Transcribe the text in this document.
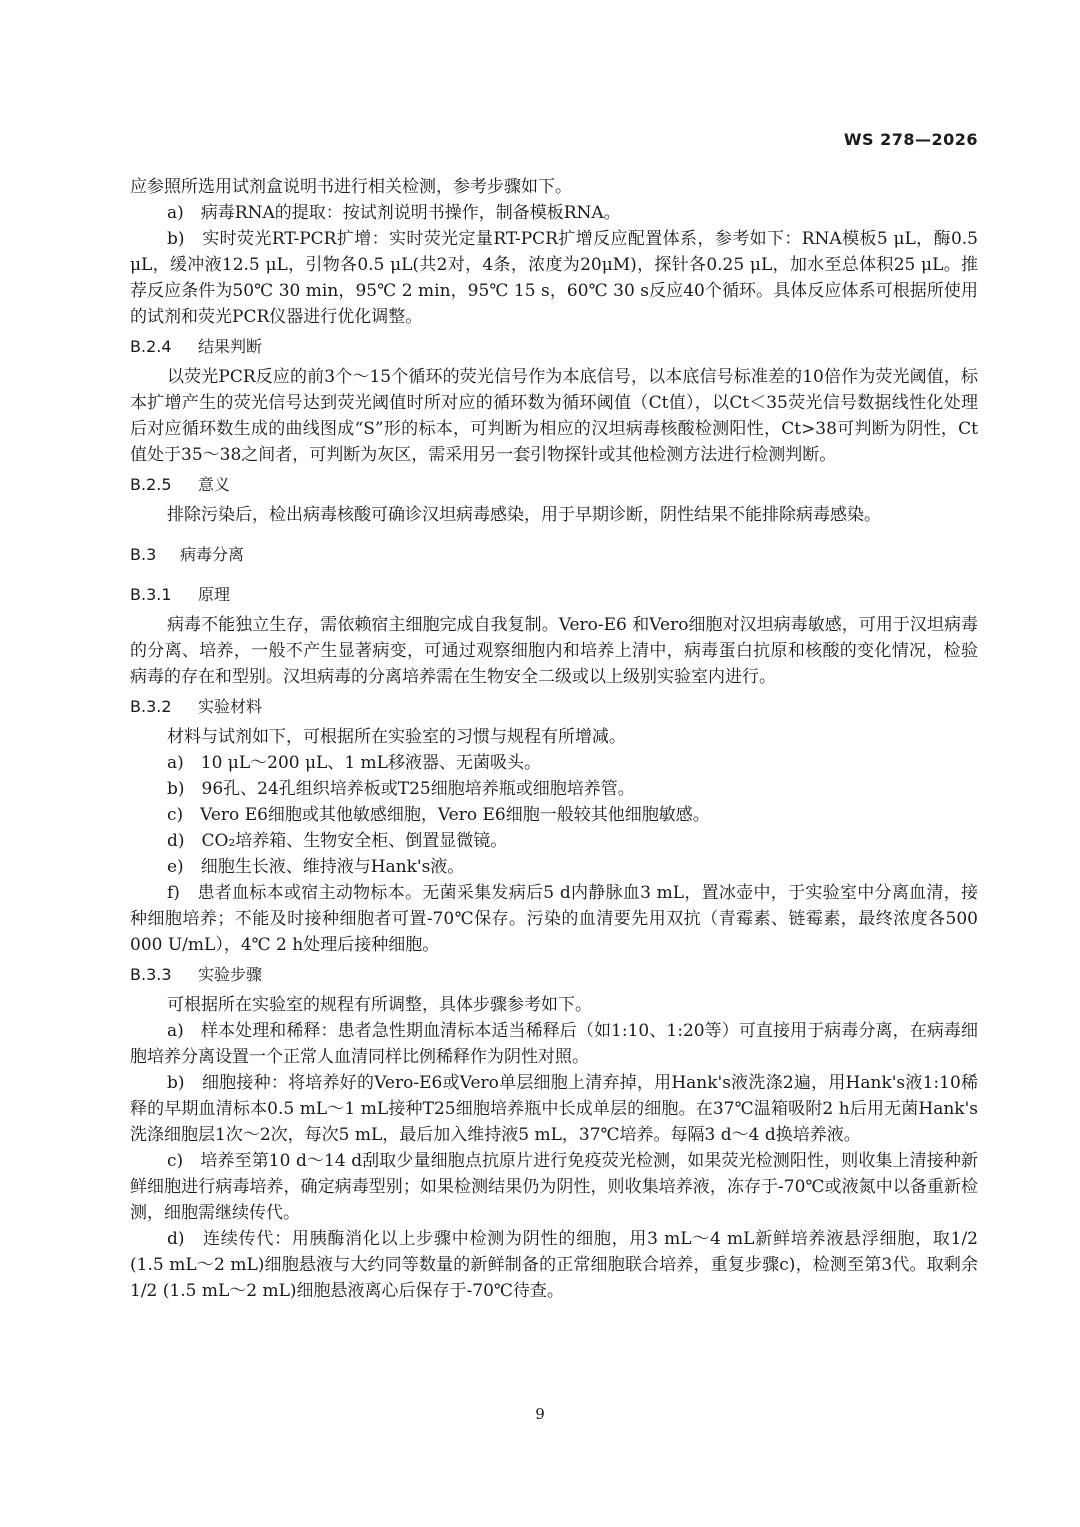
WS 278—2026

应参照所选用试剂盒说明书进行相关检测，参考步骤如下。

a)　病毒RNA的提取：按试剂说明书操作，制备模板RNA。

b)　实时荧光RT-PCR扩增：实时荧光定量RT-PCR扩增反应配置体系，参考如下：RNA模板5 μL，酶0.5 μL，缓冲液12.5 μL，引物各0.5 μL(共2对，4条，浓度为20μM)，探针各0.25 μL，加水至总体积25 μL。推荐反应条件为50℃ 30 min，95℃ 2 min，95℃ 15 s，60℃ 30 s反应40个循环。具体反应体系可根据所使用的试剂和荧光PCR仪器进行优化调整。

B.2.4 结果判断

以荧光PCR反应的前3个～15个循环的荧光信号作为本底信号，以本底信号标准差的10倍作为荧光阈值，标本扩增产生的荧光信号达到荧光阈值时所对应的循环数为循环阈值（Ct值），以Ct＜35荧光信号数据线性化处理后对应循环数生成的曲线图成“S”形的标本，可判断为相应的汉坦病毒核酸检测阳性，Ct>38可判断为阴性，Ct值处于35～38之间者，可判断为灰区，需采用另一套引物探针或其他检测方法进行检测判断。

B.2.5 意义

排除污染后，检出病毒核酸可确诊汉坦病毒感染，用于早期诊断，阴性结果不能排除病毒感染。

B.3 病毒分离
B.3.1 原理

病毒不能独立生存，需依赖宿主细胞完成自我复制。Vero-E6 和Vero细胞对汉坦病毒敏感，可用于汉坦病毒的分离、培养，一般不产生显著病变，可通过观察细胞内和培养上清中，病毒蛋白抗原和核酸的变化情况，检验病毒的存在和型别。汉坦病毒的分离培养需在生物安全二级或以上级别实验室内进行。

B.3.2 实验材料

材料与试剂如下，可根据所在实验室的习惯与规程有所增减。

a)　10 μL～200 μL、1 mL移液器、无菌吸头。

b)　96孔、24孔组织培养板或T25细胞培养瓶或细胞培养管。

c)　Vero E6细胞或其他敏感细胞，Vero E6细胞一般较其他细胞敏感。

d)　CO₂培养箱、生物安全柜、倒置显微镜。

e)　细胞生长液、维持液与Hank's液。

f)　患者血标本或宿主动物标本。无菌采集发病后5 d内静脉血3 mL，置冰壶中，于实验室中分离血清，接种细胞培养；不能及时接种细胞者可置-70℃保存。污染的血清要先用双抗（青霉素、链霉素，最终浓度各500 000 U/mL），4℃ 2 h处理后接种细胞。

B.3.3 实验步骤

可根据所在实验室的规程有所调整，具体步骤参考如下。

a)　样本处理和稀释：患者急性期血清标本适当稀释后（如1:10、1:20等）可直接用于病毒分离，在病毒细胞培养分离设置一个正常人血清同样比例稀释作为阴性对照。

b)　细胞接种：将培养好的Vero-E6或Vero单层细胞上清弃掉，用Hank's液洗涤2遍，用Hank's液1:10稀释的早期血清标本0.5 mL～1 mL接种T25细胞培养瓶中长成单层的细胞。在37℃温箱吸附2 h后用无菌Hank's洗涤细胞层1次～2次，每次5 mL，最后加入维持液5 mL，37℃培养。每隔3 d～4 d换培养液。

c)　培养至第10 d～14 d刮取少量细胞点抗原片进行免疫荧光检测，如果荧光检测阳性，则收集上清接种新鲜细胞进行病毒培养，确定病毒型别；如果检测结果仍为阴性，则收集培养液，冻存于-70℃或液氮中以备重新检测，细胞需继续传代。

d)　连续传代：用胰酶消化以上步骤中检测为阴性的细胞，用3 mL～4 mL新鲜培养液悬浮细胞，取1/2 (1.5 mL～2 mL)细胞悬液与大约同等数量的新鲜制备的正常细胞联合培养，重复步骤c)，检测至第3代。取剩余1/2 (1.5 mL～2 mL)细胞悬液离心后保存于-70℃待查。

9
